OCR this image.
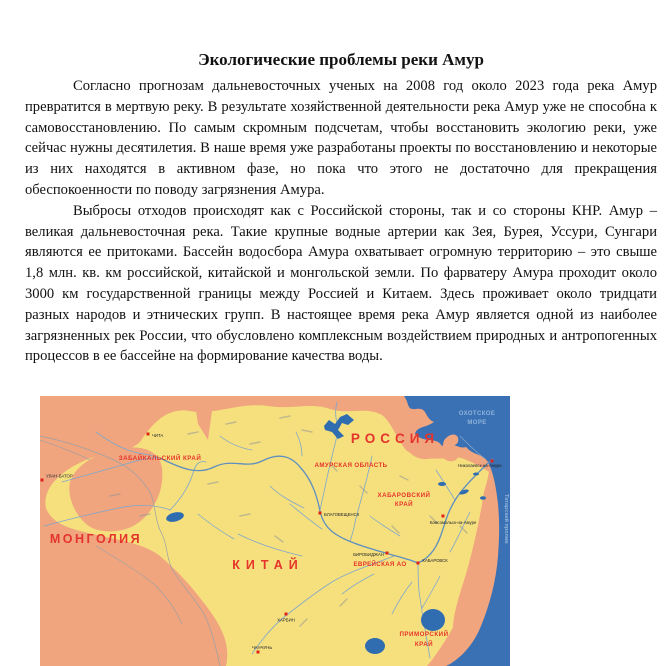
Экологические проблемы реки Амур

Согласно прогнозам дальневосточных ученых на 2008 год около 2023 года река Амур превратится в мертвую реку. В результате хозяйственной деятельности река Амур уже не способна к самовосстановлению. По самым скромным подсчетам, чтобы восстановить экологию реки, уже сейчас нужны десятилетия. В наше время уже разработаны проекты по восстановлению и некоторые из них находятся в активном фазе, но пока что этого не достаточно для прекращения обеспокоенности по поводу загрязнения Амура.

Выбросы отходов происходят как с Российской стороны, так и со стороны КНР. Амур – великая дальневосточная река. Такие крупные водные артерии как Зея, Бурея, Уссури, Сунгари являются ее притоками. Бассейн водосбора Амура охватывает огромную территорию – это свыше 1,8 млн. кв. км российской, китайской и монгольской земли. По фарватеру Амура проходит около 3000 км государственной границы между Россией и Китаем. Здесь проживает около тридцати разных народов и этнических групп. В настоящее время река Амур является одной из наиболее загрязненных рек России, что обусловлено комплексным воздействием природных и антропогенных процессов в ее бассейне на формирование качества воды.

РОССИЯ
МОНГОЛИЯ
КИТАЙ
ЗАБАЙКАЛЬСКИЙ КРАЙ
АМУРСКАЯ ОБЛАСТЬ
ХАБАРОВСКИЙ
КРАЙ
ЕВРЕЙСКАЯ АО
ПРИМОРСКИЙ
КРАЙ
ОХОТСКОЕ
МОРЕ
Татарский пролив
ЧИТА
УЛАН-БАТОР
БЛАГОВЕЩЕНСК
БИРОБИДЖАН
ХАБАРОВСК
Комсомольск-на-Амуре
Николаевск-на-Амуре
ХАРБИН
ЧАНЧУНЬ
